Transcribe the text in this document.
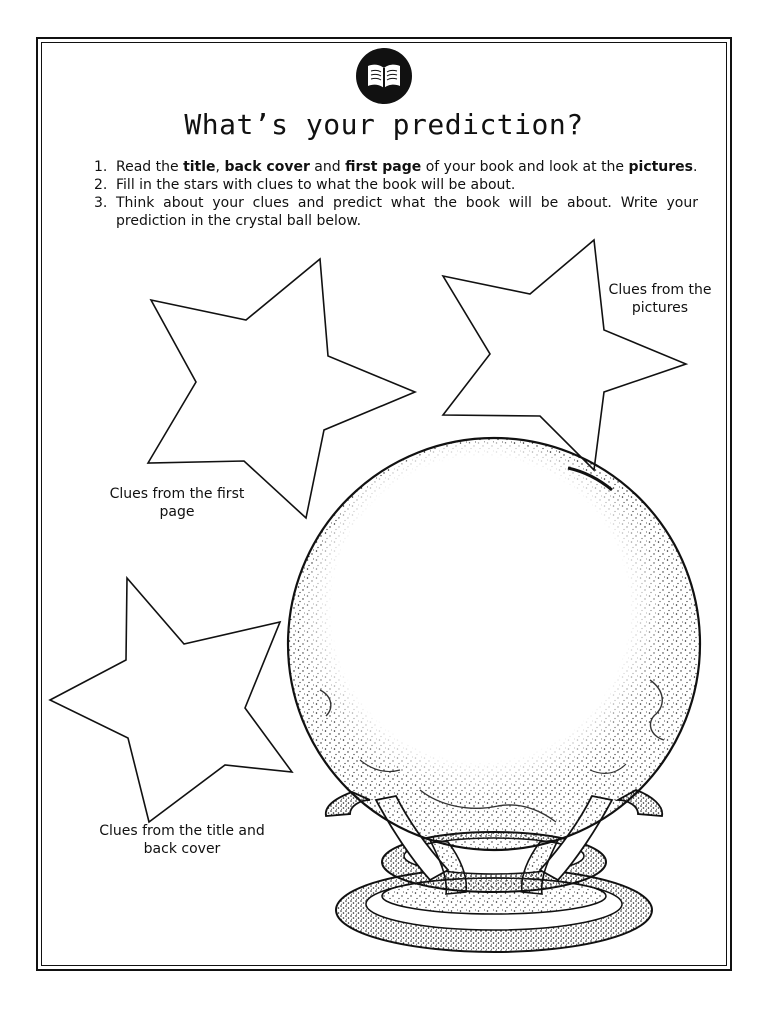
What’s your prediction?
1. Read the title, back cover and first page of your book and look at the pictures.
2. Fill in the stars with clues to what the book will be about.
3. Think about your clues and predict what the book will be about. Write your prediction in the crystal ball below.
Clues from the pictures
Clues from the first page
Clues from the title and back cover
